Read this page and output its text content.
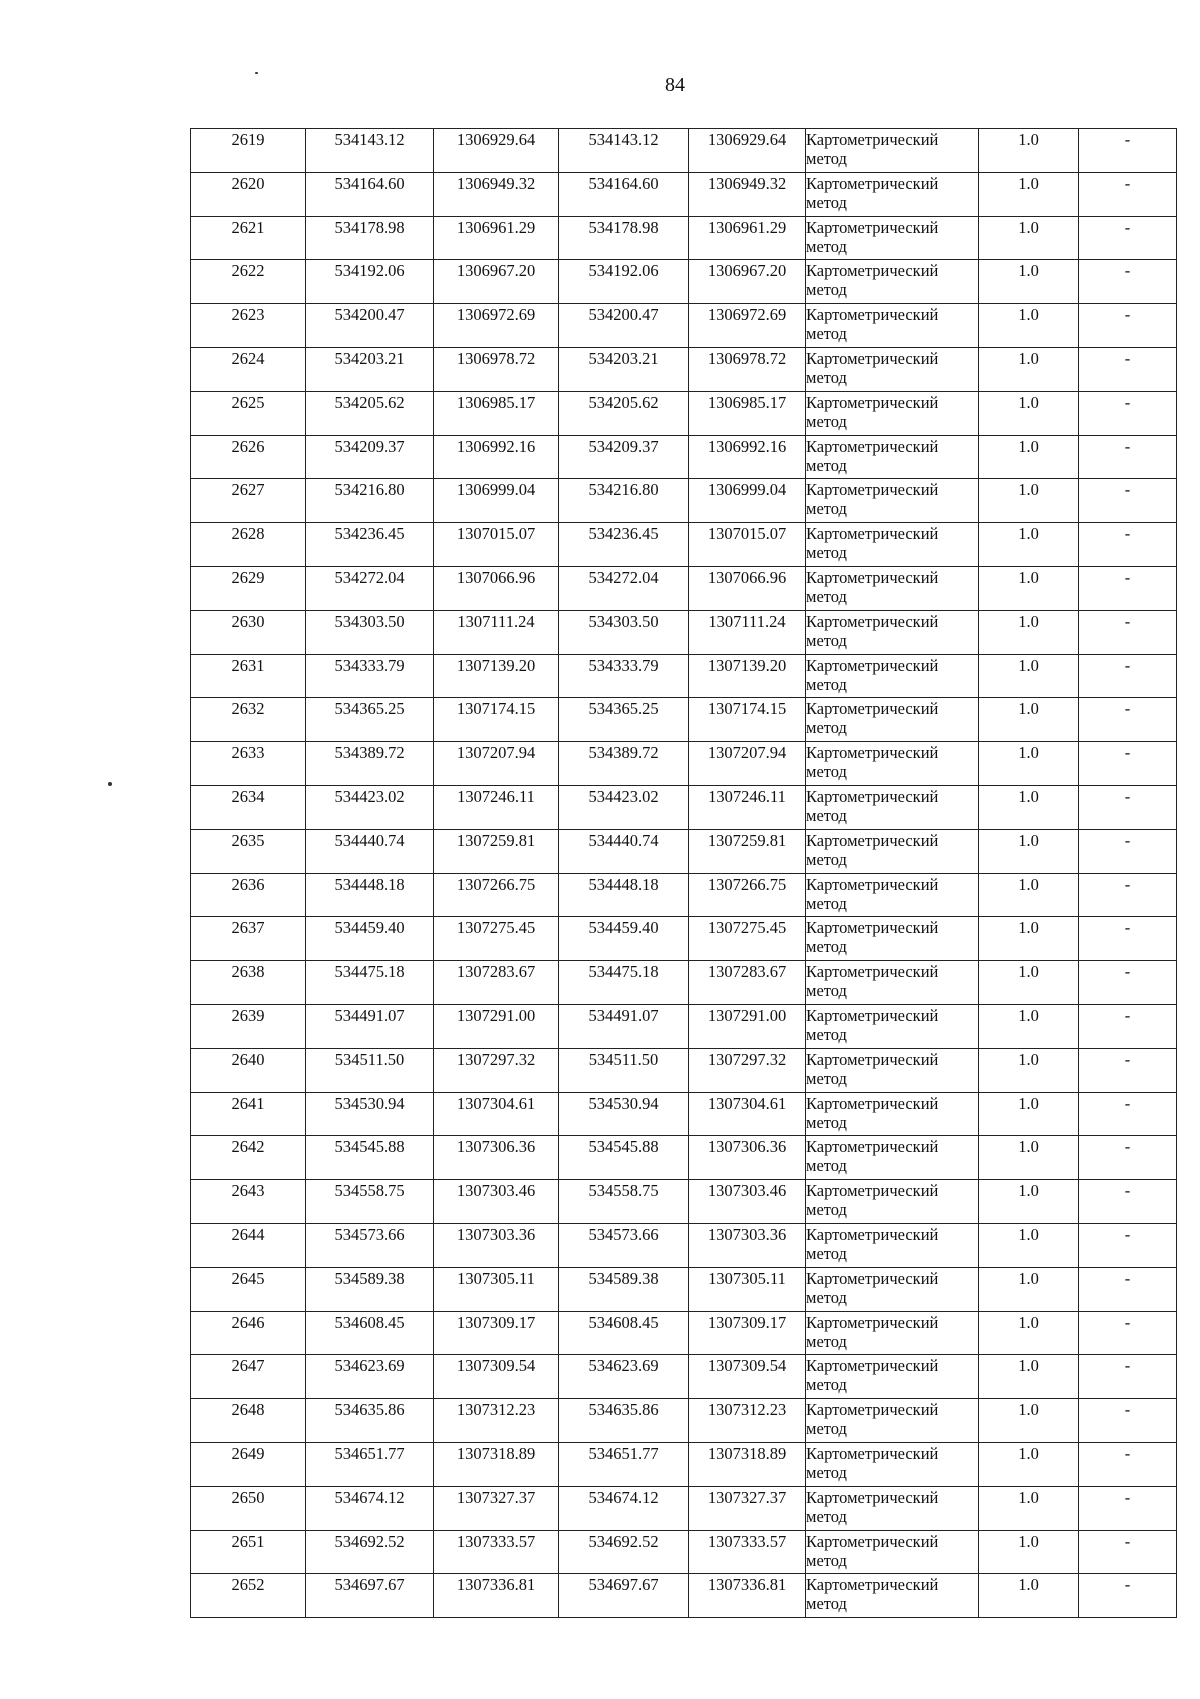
84
2619	534143.12	1306929.64	534143.12	1306929.64	Картометрический метод	1.0	-
2620	534164.60	1306949.32	534164.60	1306949.32	Картометрический метод	1.0	-
2621	534178.98	1306961.29	534178.98	1306961.29	Картометрический метод	1.0	-
2622	534192.06	1306967.20	534192.06	1306967.20	Картометрический метод	1.0	-
2623	534200.47	1306972.69	534200.47	1306972.69	Картометрический метод	1.0	-
2624	534203.21	1306978.72	534203.21	1306978.72	Картометрический метод	1.0	-
2625	534205.62	1306985.17	534205.62	1306985.17	Картометрический метод	1.0	-
2626	534209.37	1306992.16	534209.37	1306992.16	Картометрический метод	1.0	-
2627	534216.80	1306999.04	534216.80	1306999.04	Картометрический метод	1.0	-
2628	534236.45	1307015.07	534236.45	1307015.07	Картометрический метод	1.0	-
2629	534272.04	1307066.96	534272.04	1307066.96	Картометрический метод	1.0	-
2630	534303.50	1307111.24	534303.50	1307111.24	Картометрический метод	1.0	-
2631	534333.79	1307139.20	534333.79	1307139.20	Картометрический метод	1.0	-
2632	534365.25	1307174.15	534365.25	1307174.15	Картометрический метод	1.0	-
2633	534389.72	1307207.94	534389.72	1307207.94	Картометрический метод	1.0	-
2634	534423.02	1307246.11	534423.02	1307246.11	Картометрический метод	1.0	-
2635	534440.74	1307259.81	534440.74	1307259.81	Картометрический метод	1.0	-
2636	534448.18	1307266.75	534448.18	1307266.75	Картометрический метод	1.0	-
2637	534459.40	1307275.45	534459.40	1307275.45	Картометрический метод	1.0	-
2638	534475.18	1307283.67	534475.18	1307283.67	Картометрический метод	1.0	-
2639	534491.07	1307291.00	534491.07	1307291.00	Картометрический метод	1.0	-
2640	534511.50	1307297.32	534511.50	1307297.32	Картометрический метод	1.0	-
2641	534530.94	1307304.61	534530.94	1307304.61	Картометрический метод	1.0	-
2642	534545.88	1307306.36	534545.88	1307306.36	Картометрический метод	1.0	-
2643	534558.75	1307303.46	534558.75	1307303.46	Картометрический метод	1.0	-
2644	534573.66	1307303.36	534573.66	1307303.36	Картометрический метод	1.0	-
2645	534589.38	1307305.11	534589.38	1307305.11	Картометрический метод	1.0	-
2646	534608.45	1307309.17	534608.45	1307309.17	Картометрический метод	1.0	-
2647	534623.69	1307309.54	534623.69	1307309.54	Картометрический метод	1.0	-
2648	534635.86	1307312.23	534635.86	1307312.23	Картометрический метод	1.0	-
2649	534651.77	1307318.89	534651.77	1307318.89	Картометрический метод	1.0	-
2650	534674.12	1307327.37	534674.12	1307327.37	Картометрический метод	1.0	-
2651	534692.52	1307333.57	534692.52	1307333.57	Картометрический метод	1.0	-
2652	534697.67	1307336.81	534697.67	1307336.81	Картометрический метод	1.0	-
